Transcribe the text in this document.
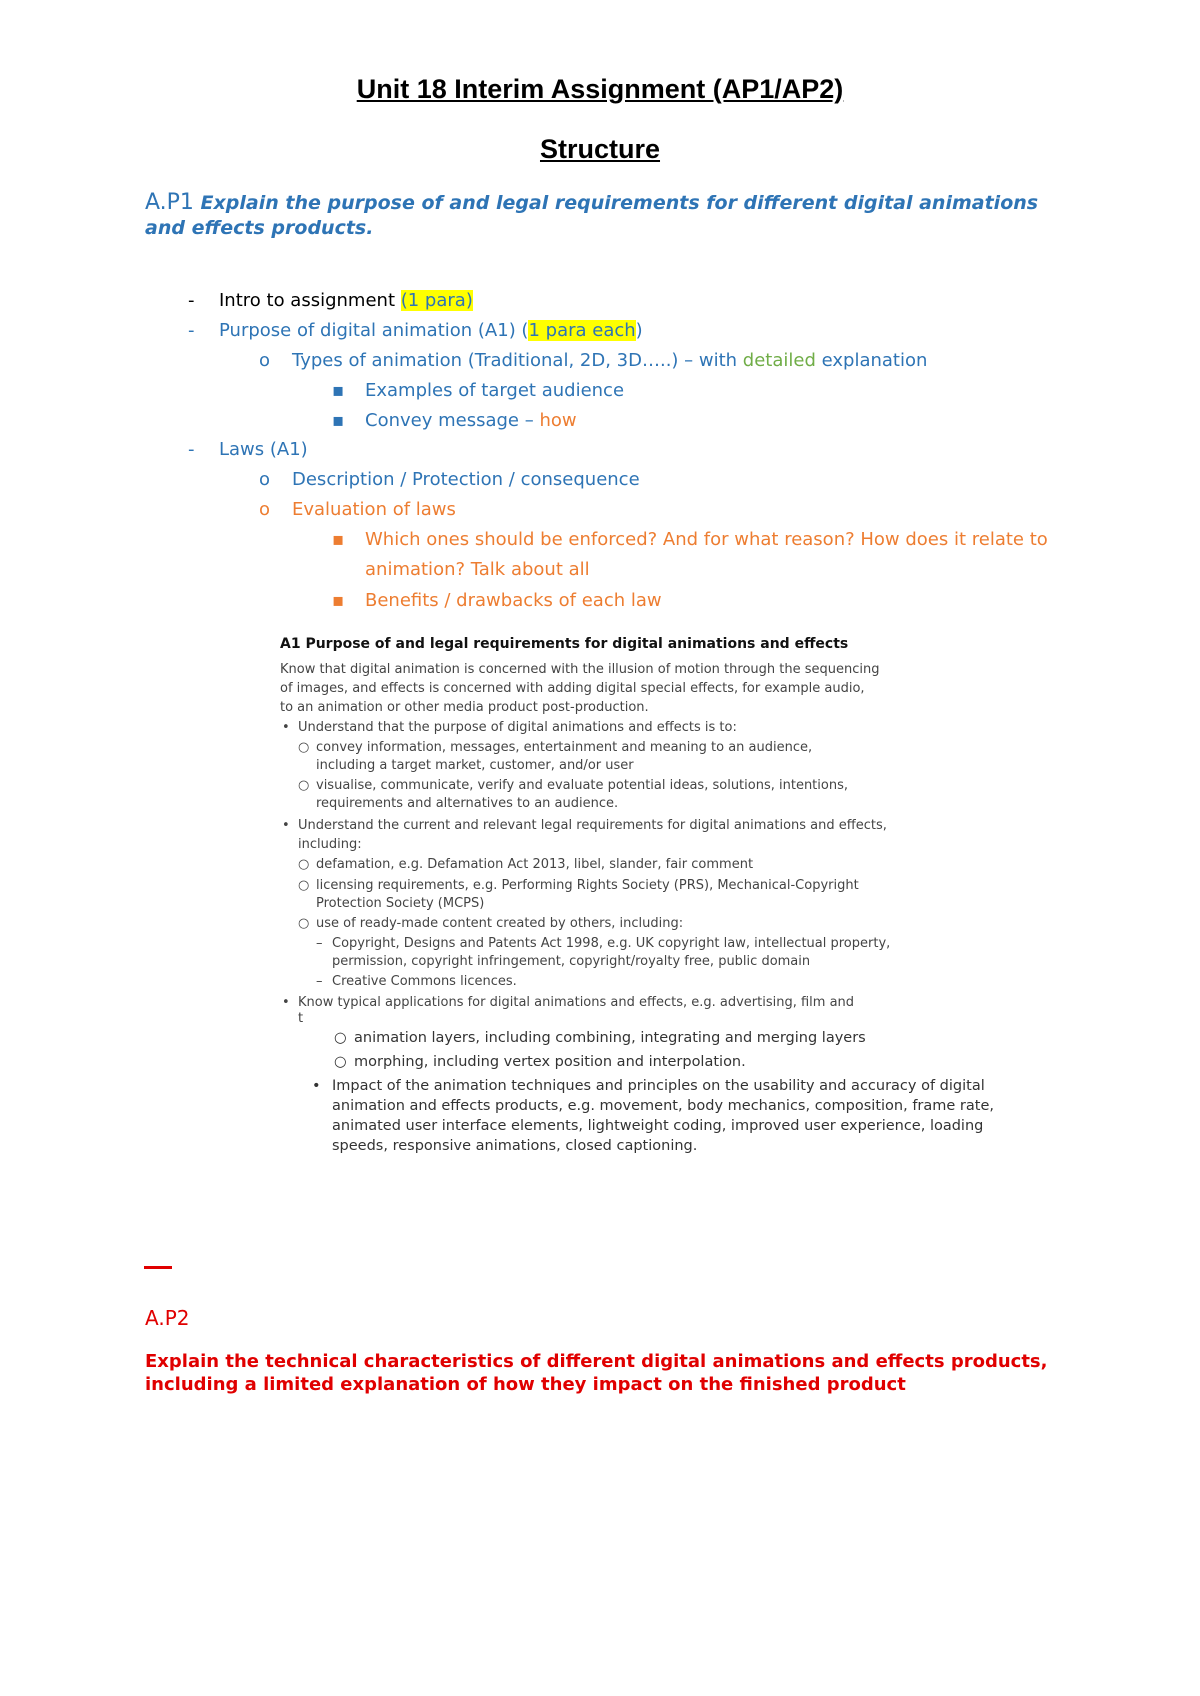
Unit 18 Interim Assignment (AP1/AP2)
Structure
A.P1 Explain the purpose of and legal requirements for different digital animations and effects products.
- Intro to assignment (1 para)
- Purpose of digital animation (A1) (1 para each)
o Types of animation (Traditional, 2D, 3D…..) – with detailed explanation
▪ Examples of target audience
▪ Convey message – how
- Laws (A1)
o Description / Protection / consequence
o Evaluation of laws
▪ Which ones should be enforced? And for what reason? How does it relate to
animation? Talk about all
▪ Benefits / drawbacks of each law
A1 Purpose of and legal requirements for digital animations and effects
Know that digital animation is concerned with the illusion of motion through the sequencing
of images, and effects is concerned with adding digital special effects, for example audio,
to an animation or other media product post-production.
• Understand that the purpose of digital animations and effects is to:
○ convey information, messages, entertainment and meaning to an audience,
including a target market, customer, and/or user
○ visualise, communicate, verify and evaluate potential ideas, solutions, intentions,
requirements and alternatives to an audience.
• Understand the current and relevant legal requirements for digital animations and effects,
including:
○ defamation, e.g. Defamation Act 2013, libel, slander, fair comment
○ licensing requirements, e.g. Performing Rights Society (PRS), Mechanical-Copyright
Protection Society (MCPS)
○ use of ready-made content created by others, including:
– Copyright, Designs and Patents Act 1998, e.g. UK copyright law, intellectual property,
permission, copyright infringement, copyright/royalty free, public domain
– Creative Commons licences.
• Know typical applications for digital animations and effects, e.g. advertising, film and
t
○ animation layers, including combining, integrating and merging layers
○ morphing, including vertex position and interpolation.
• Impact of the animation techniques and principles on the usability and accuracy of digital
animation and effects products, e.g. movement, body mechanics, composition, frame rate,
animated user interface elements, lightweight coding, improved user experience, loading
speeds, responsive animations, closed captioning.
A.P2
Explain the technical characteristics of different digital animations and effects products, including a limited explanation of how they impact on the finished product
